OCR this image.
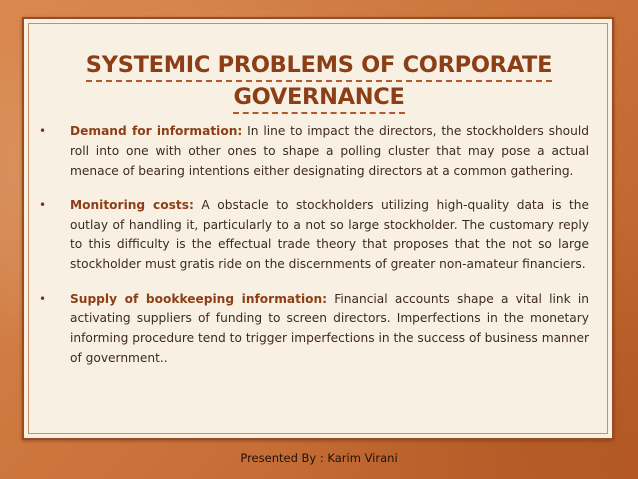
SYSTEMIC PROBLEMS OF CORPORATE
GOVERNANCE
• Demand for information: In line to impact the directors, the stockholders should roll into one with other ones to shape a polling cluster that may pose a actual menace of bearing intentions either designating directors at a common gathering.
• Monitoring costs: A obstacle to stockholders utilizing high-quality data is the outlay of handling it, particularly to a not so large stockholder. The customary reply to this difficulty is the effectual trade theory that proposes that the not so large stockholder must gratis ride on the discernments of greater non-amateur financiers.
• Supply of bookkeeping information: Financial accounts shape a vital link in activating suppliers of funding to screen directors. Imperfections in the monetary informing procedure tend to trigger imperfections in the success of business manner of government..
Presented By : Karim Virani
